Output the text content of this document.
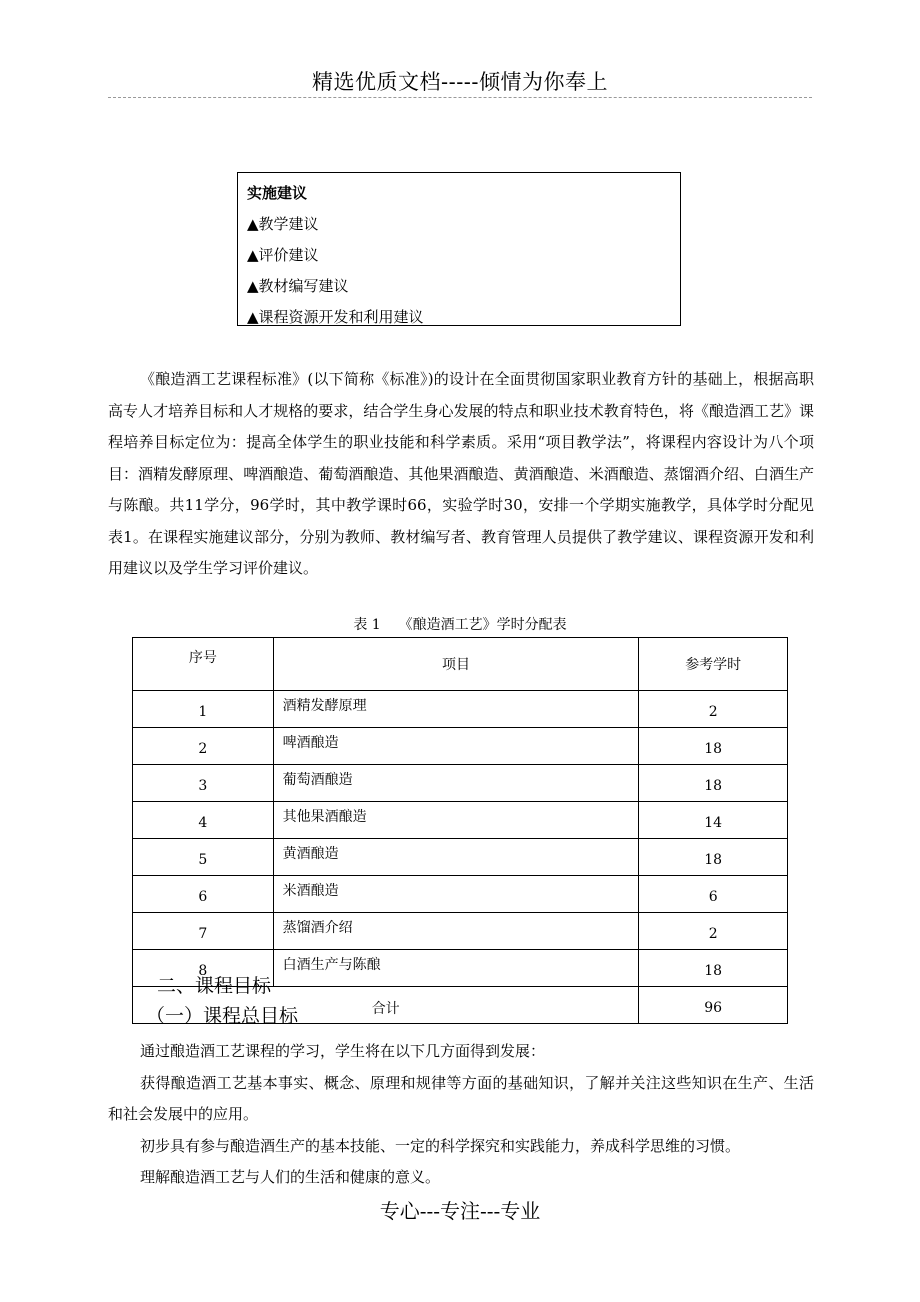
精选优质文档-----倾情为你奉上
实施建议
▲教学建议
▲评价建议
▲教材编写建议
▲课程资源开发和利用建议
《酿造酒工艺课程标准》(以下简称《标准》)的设计在全面贯彻国家职业教育方针的基础上，根据高职高专人才培养目标和人才规格的要求，结合学生身心发展的特点和职业技术教育特色，将《酿造酒工艺》课程培养目标定位为：提高全体学生的职业技能和科学素质。采用“项目教学法”，将课程内容设计为八个项目：酒精发酵原理、啤酒酿造、葡萄酒酿造、其他果酒酿造、黄酒酿造、米酒酿造、蒸馏酒介绍、白酒生产与陈酿。共11学分，96学时，其中教学课时66，实验学时30，安排一个学期实施教学，具体学时分配见表1。在课程实施建议部分，分别为教师、教材编写者、教育管理人员提供了教学建议、课程资源开发和利用建议以及学生学习评价建议。
表 1 《酿造酒工艺》学时分配表
序号	项目	参考学时
1	酒精发酵原理	2
2	啤酒酿造	18
3	葡萄酒酿造	18
4	其他果酒酿造	14
5	黄酒酿造	18
6	米酒酿造	6
7	蒸馏酒介绍	2
8	白酒生产与陈酿	18
合计		96
二、课程目标
（一）课程总目标

通过酿造酒工艺课程的学习，学生将在以下几方面得到发展：

获得酿造酒工艺基本事实、概念、原理和规律等方面的基础知识，了解并关注这些知识在生产、生活和社会发展中的应用。

初步具有参与酿造酒生产的基本技能、一定的科学探究和实践能力，养成科学思维的习惯。

理解酿造酒工艺与人们的生活和健康的意义。

专心---专注---专业
